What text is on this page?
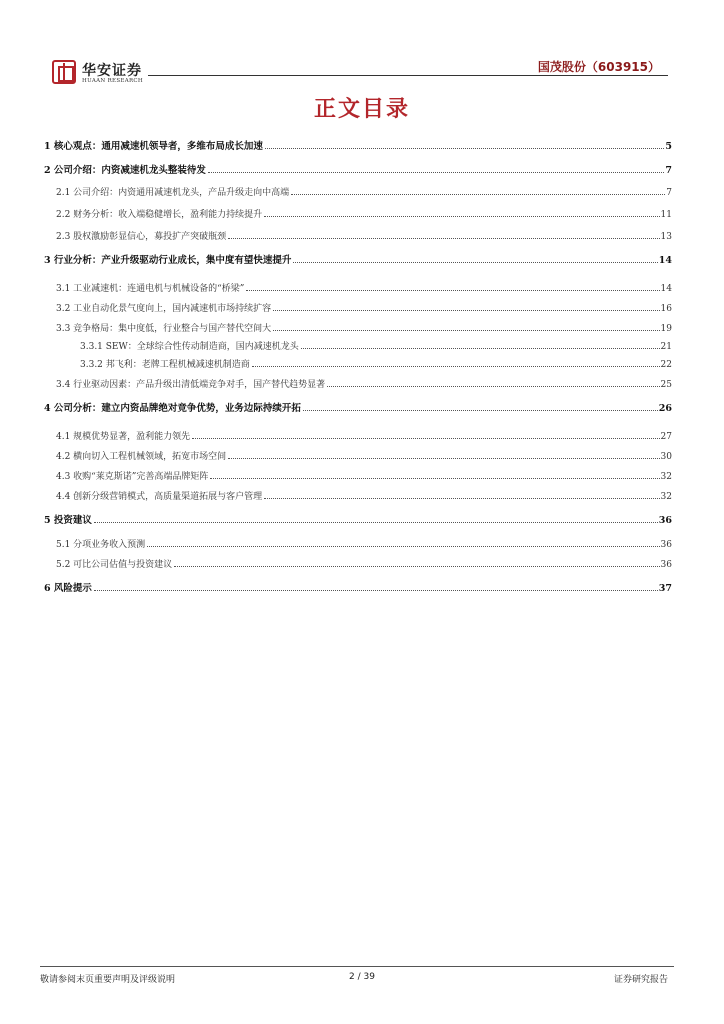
华安证券
HUAAN RESEARCH
国茂股份（603915）
正文目录
1 核心观点：通用减速机领导者，多维布局成长加速	5
2 公司介绍：内资减速机龙头整装待发	7
2.1 公司介绍：内资通用减速机龙头，产品升级走向中高端	7
2.2 财务分析：收入端稳健增长，盈利能力持续提升	11
2.3 股权激励彰显信心，募投扩产突破瓶颈	13
3 行业分析：产业升级驱动行业成长，集中度有望快速提升	14
3.1 工业减速机：连通电机与机械设备的“桥梁”	14
3.2 工业自动化景气度向上，国内减速机市场持续扩容	16
3.3 竞争格局：集中度低，行业整合与国产替代空间大	19
3.3.1 SEW：全球综合性传动制造商，国内减速机龙头	21
3.3.2 邦飞利：老牌工程机械减速机制造商	22
3.4 行业驱动因素：产品升级出清低端竞争对手，国产替代趋势显著	25
4 公司分析：建立内资品牌绝对竞争优势，业务边际持续开拓	26
4.1 规模优势显著，盈利能力领先	27
4.2 横向切入工程机械领域，拓宽市场空间	30
4.3 收购“莱克斯诺”完善高端品牌矩阵	32
4.4 创新分级营销模式，高质量渠道拓展与客户管理	32
5 投资建议	36
5.1 分项业务收入预测	36
5.2 可比公司估值与投资建议	36
6 风险提示	37
敬请参阅末页重要声明及评级说明	2 / 39	证券研究报告
